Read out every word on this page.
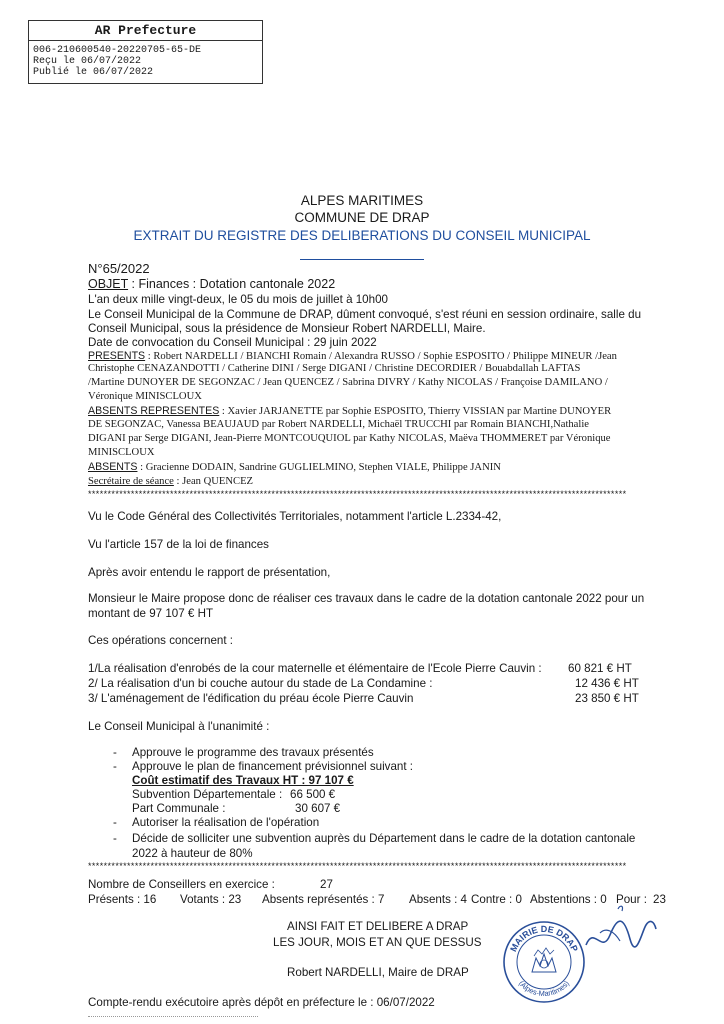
AR Prefecture
006-210600540-20220705-65-DE
Reçu le 06/07/2022
Publié le 06/07/2022
ALPES MARITIMES
COMMUNE DE DRAP
EXTRAIT DU REGISTRE DES DELIBERATIONS DU CONSEIL MUNICIPAL
N°65/2022
OBJET : Finances : Dotation cantonale 2022
L'an deux mille vingt-deux, le 05 du mois de juillet à 10h00
Le Conseil Municipal de la Commune de DRAP, dûment convoqué, s'est réuni en session ordinaire, salle du
Conseil Municipal, sous la présidence de Monsieur Robert NARDELLI, Maire.
Date de convocation du Conseil Municipal : 29 juin 2022
PRESENTS : Robert NARDELLI / BIANCHI Romain / Alexandra RUSSO / Sophie ESPOSITO / Philippe MINEUR /Jean
Christophe CENAZANDOTTI / Catherine DINI / Serge DIGANI / Christine DECORDIER / Bouabdallah LAFTAS
/Martine DUNOYER DE SEGONZAC / Jean QUENCEZ / Sabrina DIVRY / Kathy NICOLAS / Françoise DAMILANO /
Véronique MINISCLOUX
ABSENTS REPRESENTES : Xavier JARJANETTE par Sophie ESPOSITO, Thierry VISSIAN par Martine DUNOYER
DE SEGONZAC, Vanessa BEAUJAUD par Robert NARDELLI, Michaël TRUCCHI par Romain BIANCHI,Nathalie
DIGANI par Serge DIGANI, Jean-Pierre MONTCOUQUIOL par Kathy NICOLAS, Maëva THOMMERET par Véronique
MINISCLOUX
ABSENTS : Gracienne DODAIN, Sandrine GUGLIELMINO, Stephen VIALE, Philippe JANIN
Secrétaire de séance : Jean QUENCEZ
******************************************************************************************************************************************
Vu le Code Général des Collectivités Territoriales, notamment l'article L.2334-42,
Vu l'article 157 de la loi de finances
Après avoir entendu le rapport de présentation,
Monsieur le Maire propose donc de réaliser ces travaux dans le cadre de la dotation cantonale 2022 pour un
montant de 97 107 € HT
Ces opérations concernent :
1/La réalisation d'enrobés de la cour maternelle et élémentaire de l'Ecole Pierre Cauvin : 60 821 € HT
2/ La réalisation d'un bi couche autour du stade de La Condamine :	12 436 € HT
3/ L'aménagement de l'édification du préau école Pierre Cauvin	23 850 € HT
Le Conseil Municipal à l'unanimité :
- Approuve le programme des travaux présentés
- Approuve le plan de financement prévisionnel suivant :
Coût estimatif des Travaux HT : 97 107 €
Subvention Départementale : 66 500 €
Part Communale :	30 607 €
- Autoriser la réalisation de l'opération
- Décide de solliciter une subvention auprès du Département dans le cadre de la dotation cantonale
2022 à hauteur de 80%
******************************************************************************************************************************************
Nombre de Conseillers en exercice :	27
Présents : 16 Votants : 23 Absents représentés : 7 Absents : 4 Contre : 0 Abstentions : 0 Pour : 23
AINSI FAIT ET DELIBERE A DRAP
LES JOUR, MOIS ET AN QUE DESSUS
Robert NARDELLI, Maire de DRAP
Compte-rendu exécutoire après dépôt en préfecture le : 06/07/2022
MAIRIE DE DRAP
(Alpes-Maritimes)
